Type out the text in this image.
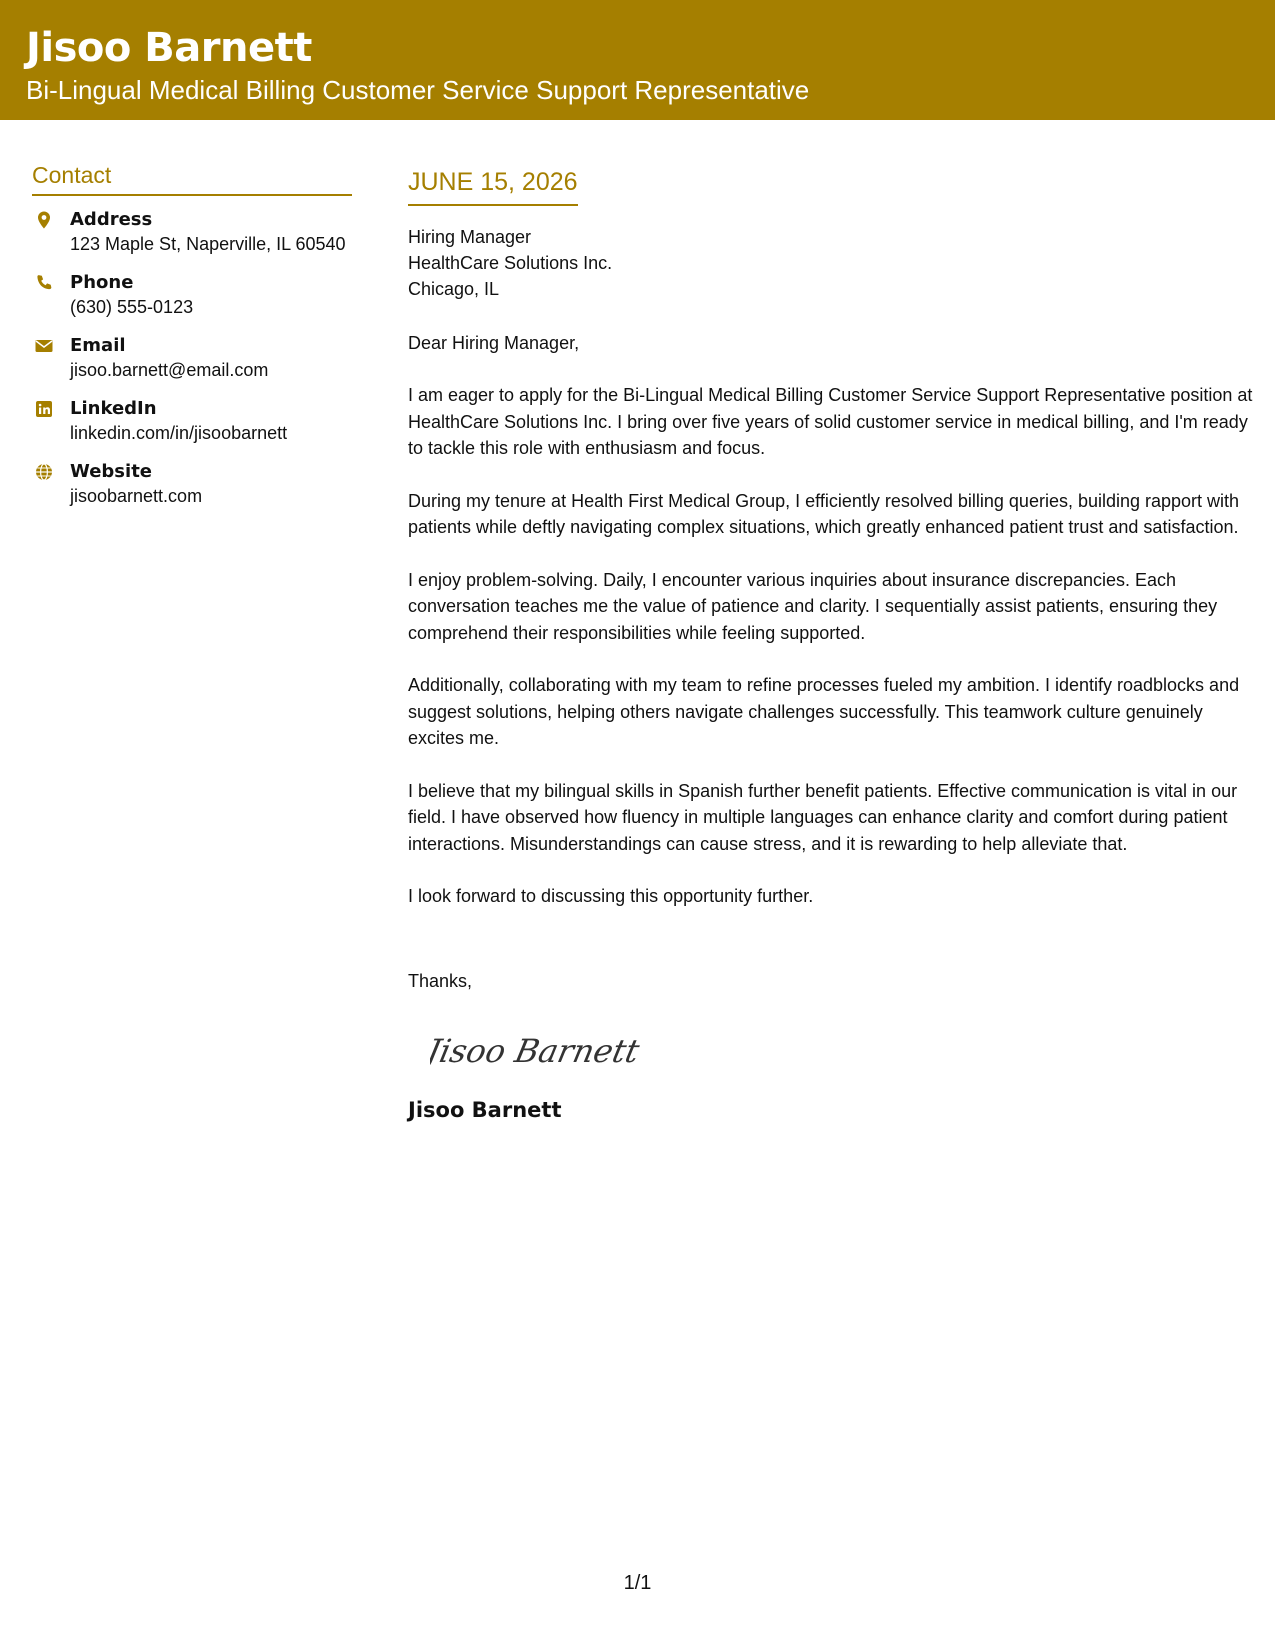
Jisoo Barnett
Bi-Lingual Medical Billing Customer Service Support Representative
Contact
Address
123 Maple St, Naperville, IL 60540
Phone
(630) 555-0123
Email
jisoo.barnett@email.com
LinkedIn
linkedin.com/in/jisoobarnett
Website
jisoobarnett.com
JUNE 15, 2026
Hiring Manager
HealthCare Solutions Inc.
Chicago, IL
Dear Hiring Manager,
I am eager to apply for the Bi-Lingual Medical Billing Customer Service Support Representative position at HealthCare Solutions Inc. I bring over five years of solid customer service in medical billing, and I'm ready to tackle this role with enthusiasm and focus.
During my tenure at Health First Medical Group, I efficiently resolved billing queries, building rapport with patients while deftly navigating complex situations, which greatly enhanced patient trust and satisfaction.
I enjoy problem-solving. Daily, I encounter various inquiries about insurance discrepancies. Each conversation teaches me the value of patience and clarity. I sequentially assist patients, ensuring they comprehend their responsibilities while feeling supported.
Additionally, collaborating with my team to refine processes fueled my ambition. I identify roadblocks and suggest solutions, helping others navigate challenges successfully. This teamwork culture genuinely excites me.
I believe that my bilingual skills in Spanish further benefit patients. Effective communication is vital in our field. I have observed how fluency in multiple languages can enhance clarity and comfort during patient interactions. Misunderstandings can cause stress, and it is rewarding to help alleviate that.
I look forward to discussing this opportunity further.
Thanks,
Jisoo Barnett
Jisoo Barnett
1/1
